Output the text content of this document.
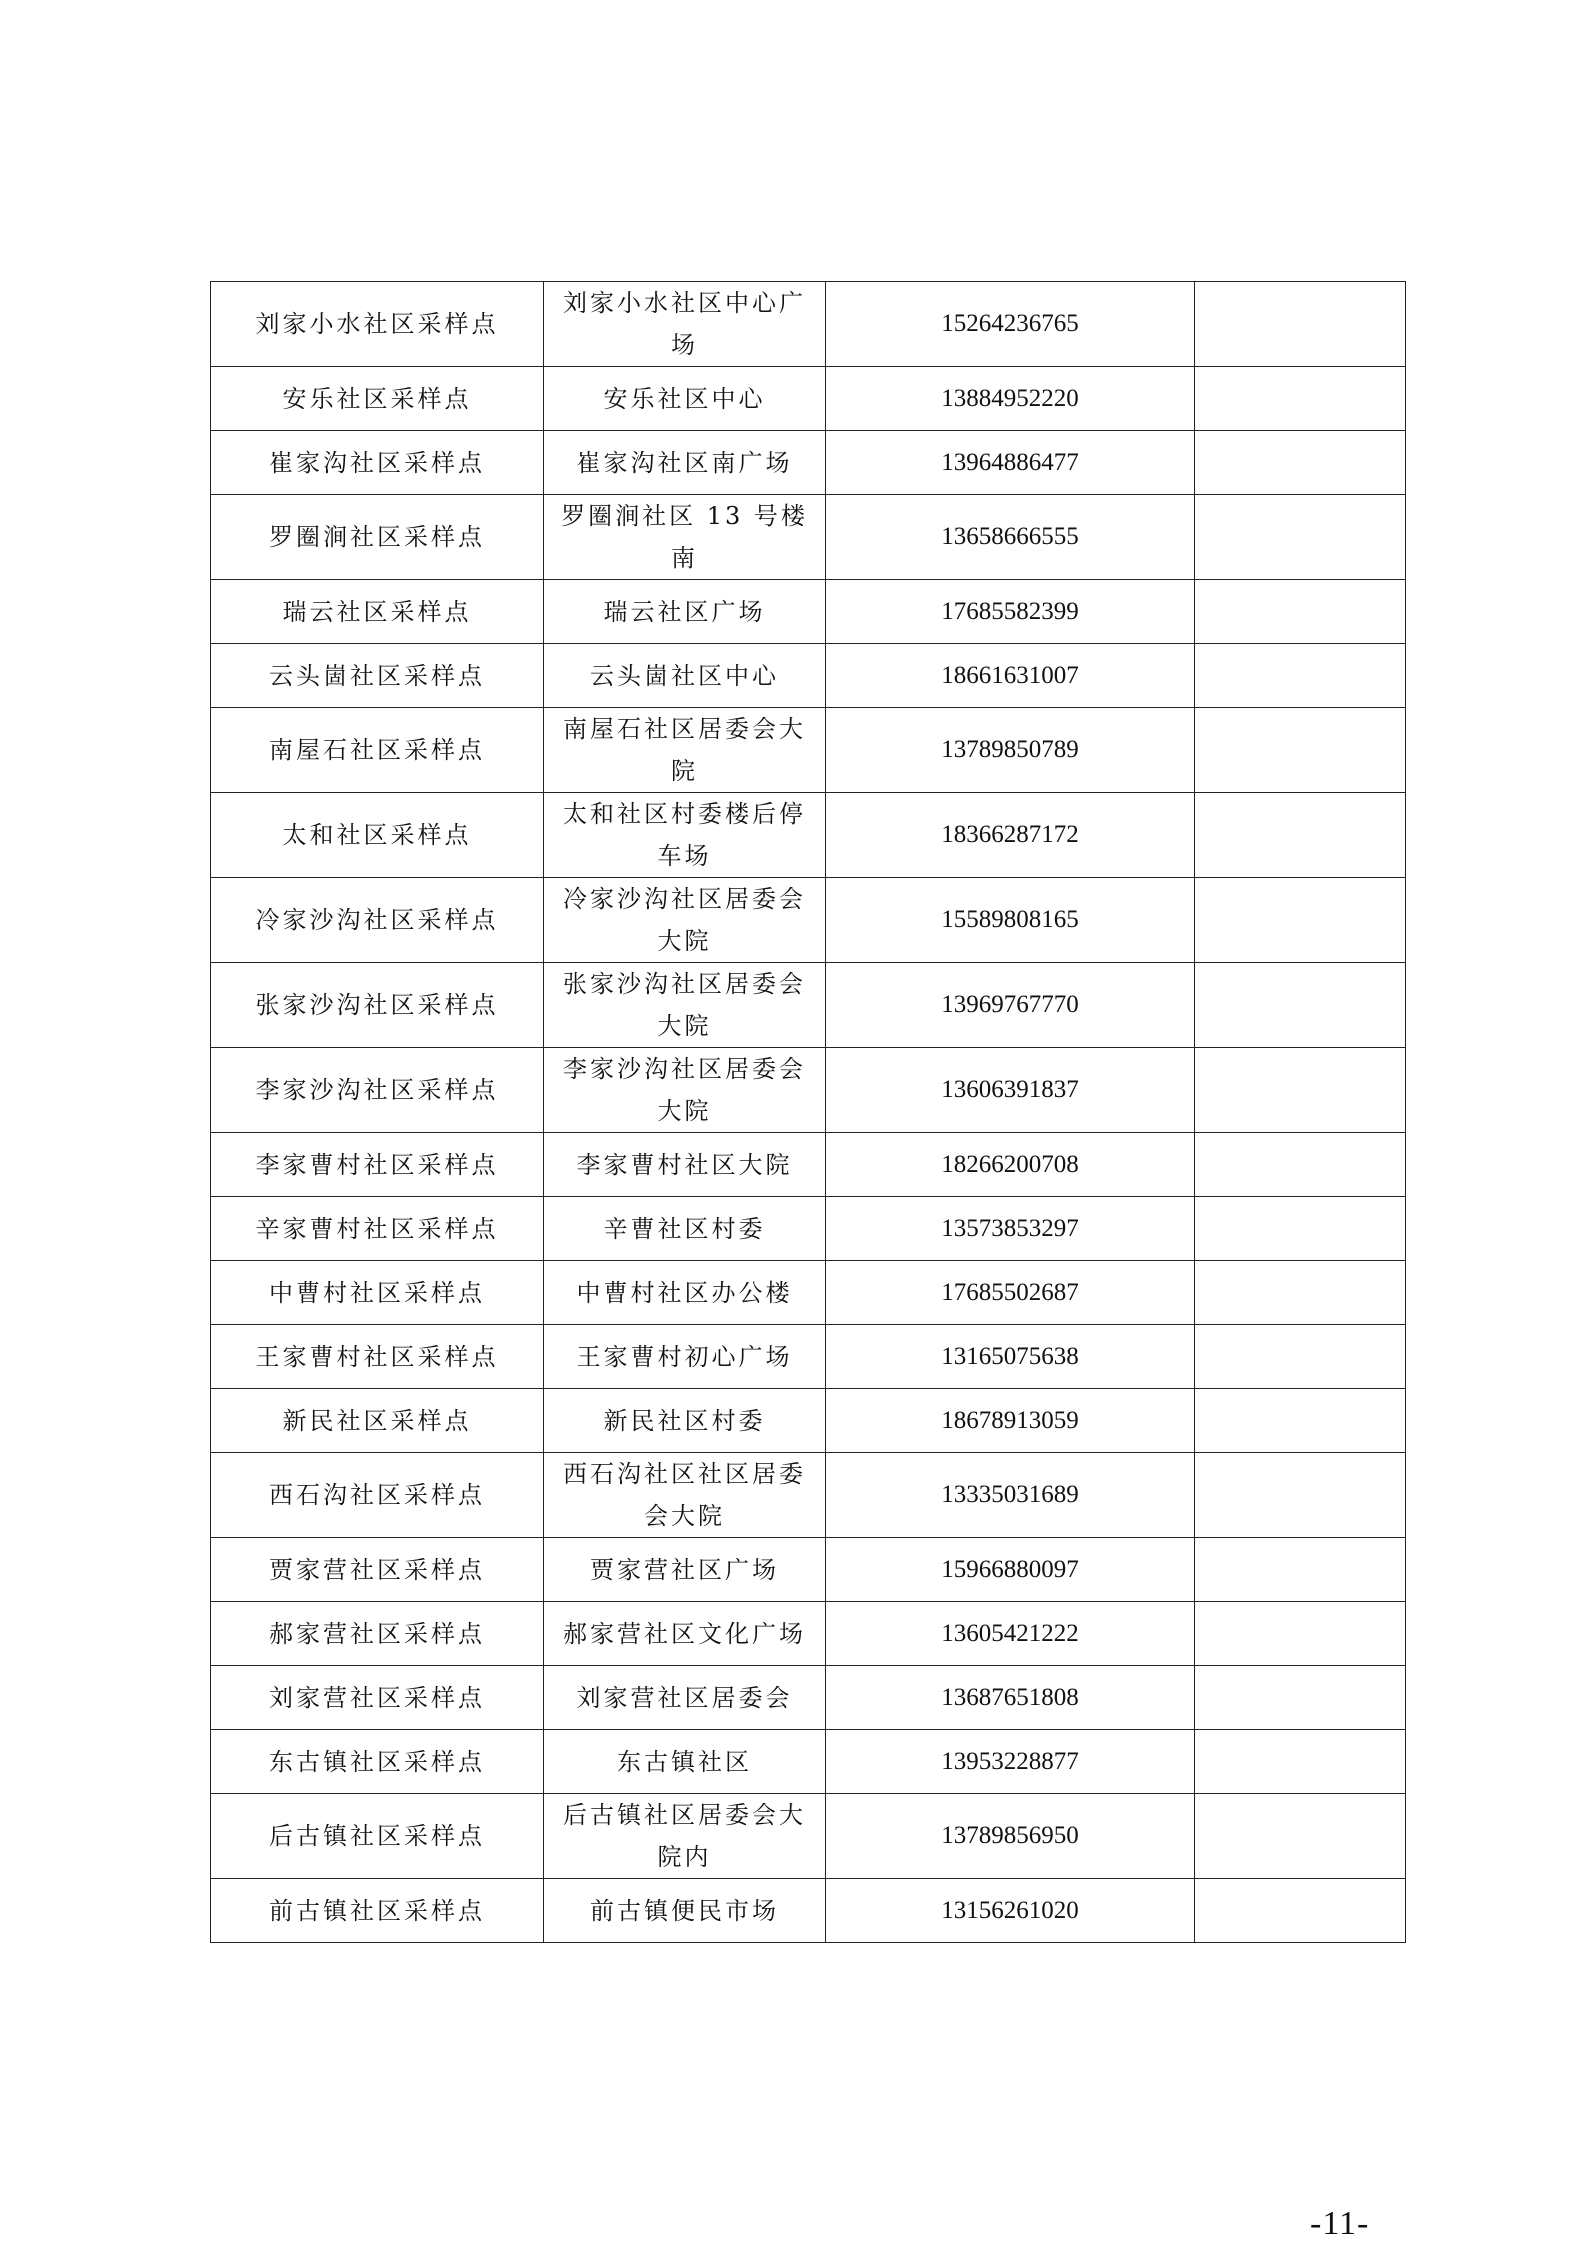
刘家小水社区采样点	刘家小水社区中心广场	15264236765	
安乐社区采样点	安乐社区中心	13884952220	
崔家沟社区采样点	崔家沟社区南广场	13964886477	
罗圈涧社区采样点	罗圈涧社区 13 号楼南	13658666555	
瑞云社区采样点	瑞云社区广场	17685582399	
云头崮社区采样点	云头崮社区中心	18661631007	
南屋石社区采样点	南屋石社区居委会大院	13789850789	
太和社区采样点	太和社区村委楼后停车场	18366287172	
冷家沙沟社区采样点	冷家沙沟社区居委会大院	15589808165	
张家沙沟社区采样点	张家沙沟社区居委会大院	13969767770	
李家沙沟社区采样点	李家沙沟社区居委会大院	13606391837	
李家曹村社区采样点	李家曹村社区大院	18266200708	
辛家曹村社区采样点	辛曹社区村委	13573853297	
中曹村社区采样点	中曹村社区办公楼	17685502687	
王家曹村社区采样点	王家曹村初心广场	13165075638	
新民社区采样点	新民社区村委	18678913059	
西石沟社区采样点	西石沟社区社区居委会大院	13335031689	
贾家营社区采样点	贾家营社区广场	15966880097	
郝家营社区采样点	郝家营社区文化广场	13605421222	
刘家营社区采样点	刘家营社区居委会	13687651808	
东古镇社区采样点	东古镇社区	13953228877	
后古镇社区采样点	后古镇社区居委会大院内	13789856950	
前古镇社区采样点	前古镇便民市场	13156261020	
-11-
